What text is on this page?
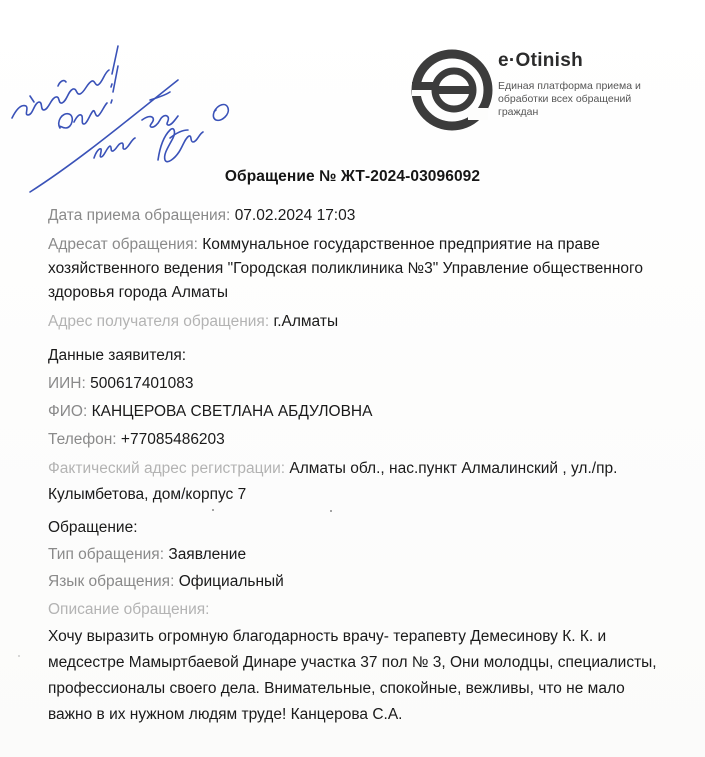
Физикову! Они! Нео сеой Глебо О
e·Otinish
Единая платформа приема и обработки всех обращений граждан
Обращение № ЖТ-2024-03096092
Дата приема обращения: 07.02.2024 17:03
Адресат обращения: Коммунальное государственное предприятие на праве хозяйственного ведения "Городская поликлиника №3" Управление общественного здоровья города Алматы
Адрес получателя обращения: г.Алматы
Данные заявителя:
ИИН: 500617401083
ФИО: КАНЦЕРОВА СВЕТЛАНА АБДУЛОВНА
Телефон: +77085486203
Фактический адрес регистрации: Алматы обл., нас.пункт Алмалинский , ул./пр. Кулымбетова, дом/корпус 7
Обращение:
Тип обращения: Заявление
Язык обращения: Официальный
Описание обращения:
Хочу выразить огромную благодарность врачу- терапевту Демесинову К. К. и медсестре Мамыртбаевой Динаре участка 37 пол № 3, Они молодцы, специалисты, профессионалы своего дела. Внимательные, спокойные, вежливы, что не мало важно в их нужном людям труде! Канцерова С.А.
